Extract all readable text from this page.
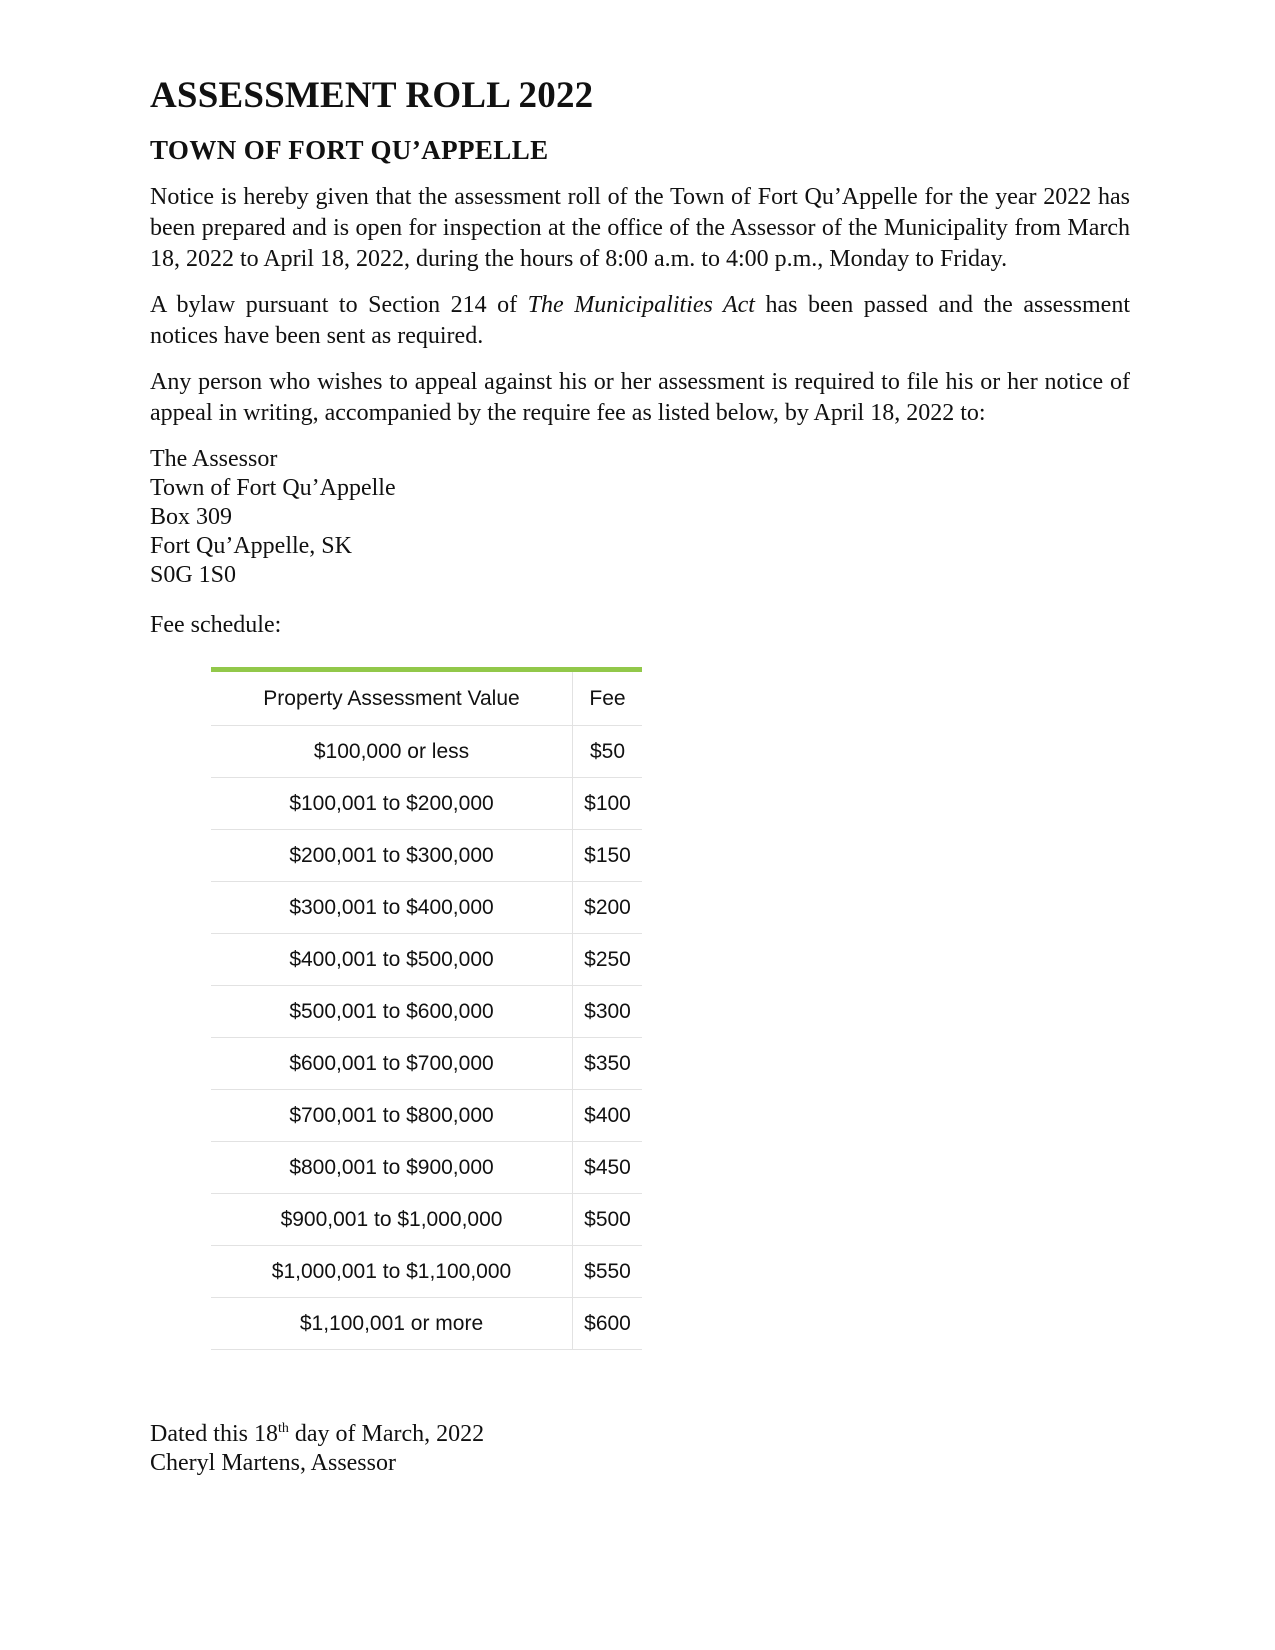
ASSESSMENT ROLL 2022
TOWN OF FORT QU’APPELLE

Notice is hereby given that the assessment roll of the Town of Fort Qu’Appelle for the year 2022 has been prepared and is open for inspection at the office of the Assessor of the Municipality from March 18, 2022 to April 18, 2022, during the hours of 8:00 a.m. to 4:00 p.m., Monday to Friday.

A bylaw pursuant to Section 214 of The Municipalities Act has been passed and the assessment notices have been sent as required.

Any person who wishes to appeal against his or her assessment is required to file his or her notice of appeal in writing, accompanied by the require fee as listed below, by April 18, 2022 to:

The Assessor
Town of Fort Qu’Appelle
Box 309
Fort Qu’Appelle, SK
S0G 1S0
Fee schedule:
Property Assessment Value	Fee
$100,000 or less	$50
$100,001 to $200,000	$100
$200,001 to $300,000	$150
$300,001 to $400,000	$200
$400,001 to $500,000	$250
$500,001 to $600,000	$300
$600,001 to $700,000	$350
$700,001 to $800,000	$400
$800,001 to $900,000	$450
$900,001 to $1,000,000	$500
$1,000,001 to $1,100,000	$550
$1,100,001 or more	$600
Dated this 18th day of March, 2022
Cheryl Martens, Assessor
